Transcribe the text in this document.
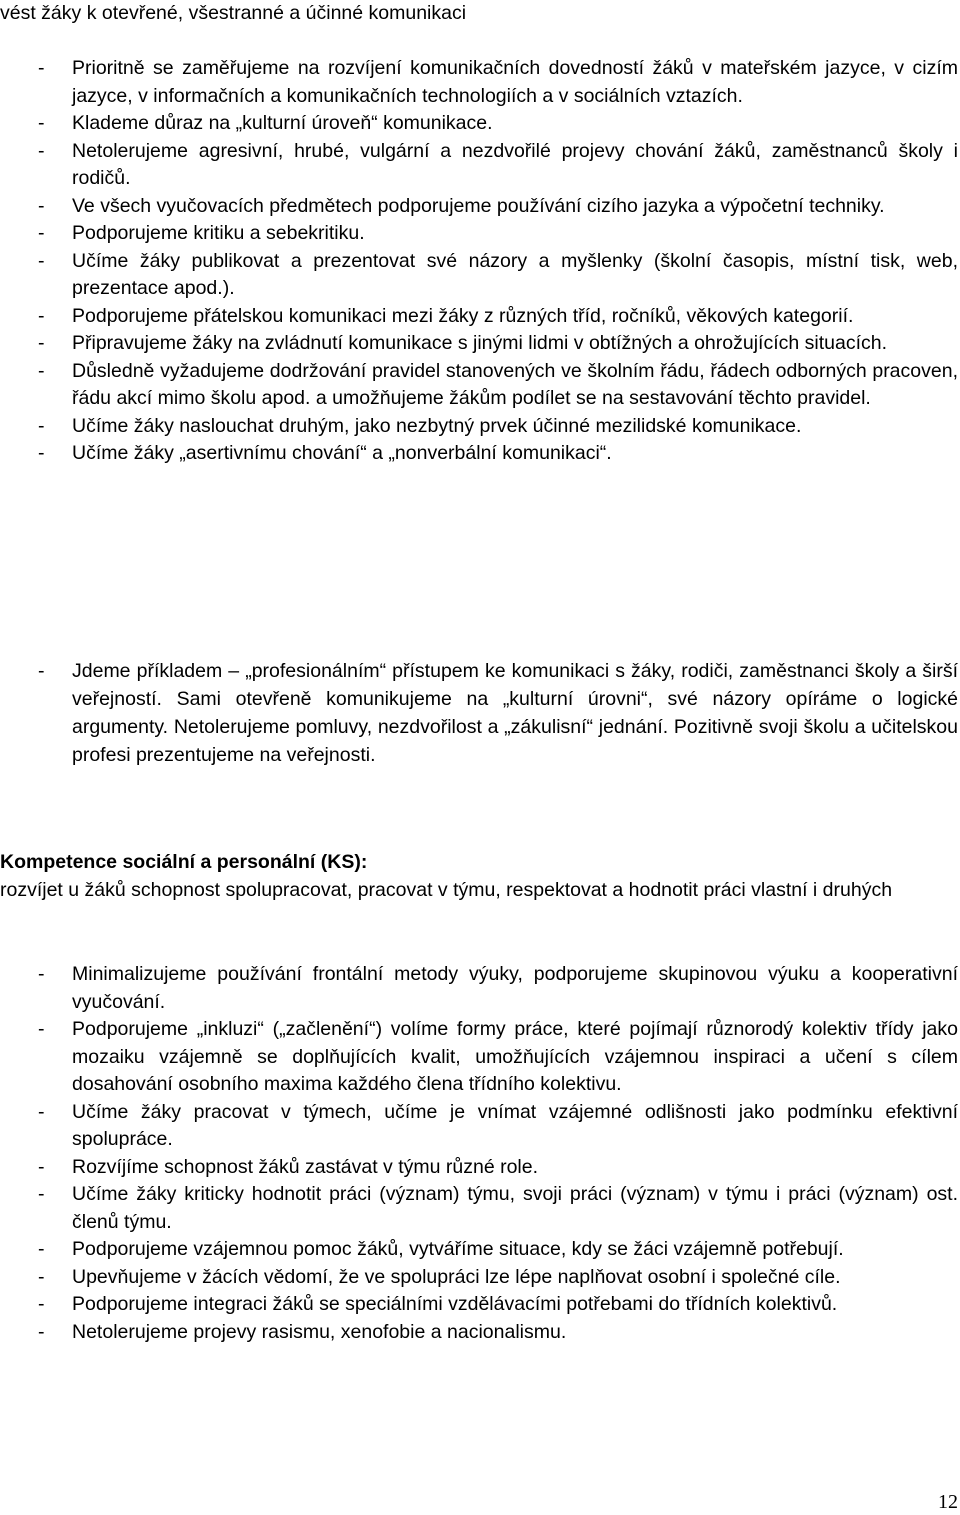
vést žáky k otevřené, všestranné a účinné komunikaci

- Prioritně se zaměřujeme na rozvíjení komunikačních dovedností žáků v mateřském jazyce, v cizím jazyce, v informačních a komunikačních technologiích a v sociálních vztazích.
- Klademe důraz na „kulturní úroveň“ komunikace.
- Netolerujeme agresivní, hrubé, vulgární a nezdvořilé projevy chování žáků, zaměstnanců školy i rodičů.
- Ve všech vyučovacích předmětech podporujeme používání cizího jazyka a výpočetní techniky.
- Podporujeme kritiku a sebekritiku.
- Učíme žáky publikovat a prezentovat své názory a myšlenky (školní časopis, místní tisk, web, prezentace apod.).
- Podporujeme přátelskou komunikaci mezi žáky z různých tříd, ročníků, věkových kategorií.
- Připravujeme žáky na zvládnutí komunikace s jinými lidmi v obtížných a ohrožujících situacích.
- Důsledně vyžadujeme dodržování pravidel stanovených ve školním řádu, řádech odborných pracoven, řádu akcí mimo školu apod. a umožňujeme žákům podílet se na sestavování těchto pravidel.
- Učíme žáky naslouchat druhým, jako nezbytný prvek účinné mezilidské komunikace.
- Učíme žáky „asertivnímu chování“ a „nonverbální komunikaci“.
- Jdeme příkladem – „profesionálním“ přístupem ke komunikaci s žáky, rodiči, zaměstnanci školy a širší veřejností. Sami otevřeně komunikujeme na „kulturní úrovni“, své názory opíráme o logické argumenty. Netolerujeme pomluvy, nezdvořilost a „zákulisní“ jednání. Pozitivně svoji školu a učitelskou profesi prezentujeme na veřejnosti.

Kompetence sociální a personální (KS):

rozvíjet u žáků schopnost spolupracovat, pracovat v týmu, respektovat a hodnotit práci vlastní i druhých

- Minimalizujeme používání frontální metody výuky, podporujeme skupinovou výuku a kooperativní vyučování.
- Podporujeme „inkluzi“ („začlenění“) volíme formy práce, které pojímají různorodý kolektiv třídy jako mozaiku vzájemně se doplňujících kvalit, umožňujících vzájemnou inspiraci a učení s cílem dosahování osobního maxima každého člena třídního kolektivu.
- Učíme žáky pracovat v týmech, učíme je vnímat vzájemné odlišnosti jako podmínku efektivní spolupráce.
- Rozvíjíme schopnost žáků zastávat v týmu různé role.
- Učíme žáky kriticky hodnotit práci (význam) týmu, svoji práci (význam) v týmu i práci (význam) ost. členů týmu.
- Podporujeme vzájemnou pomoc žáků, vytváříme situace, kdy se žáci vzájemně potřebují.
- Upevňujeme v žácích vědomí, že ve spolupráci lze lépe naplňovat osobní i společné cíle.
- Podporujeme integraci žáků se speciálními vzdělávacími potřebami do třídních kolektivů.
- Netolerujeme projevy rasismu, xenofobie a nacionalismu.
12
